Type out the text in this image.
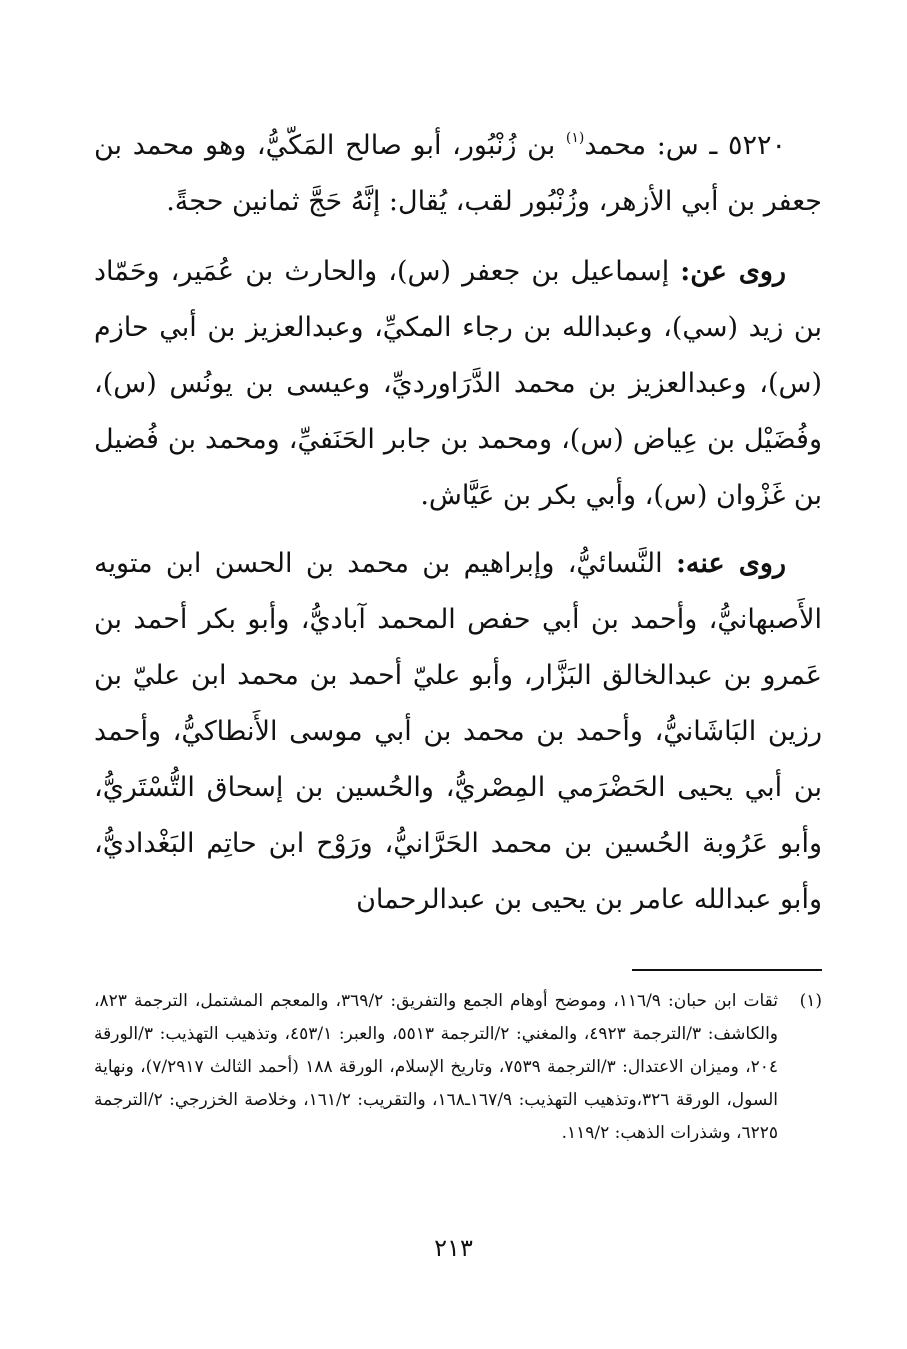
٥٢٢٠ ـ س: محمد$^{(١)}$ بن زُنْبُور، أبو صالح المَكّيُّ، وهو محمد بن جعفر بن أبي الأزهر، وزُنْبُور لقب، يُقال: إنَّهُ حَجَّ ثمانين حجةً.

روى عن: إسماعيل بن جعفر (س)، والحارث بن عُمَير، وحَمّاد بن زيد (سي)، وعبدالله بن رجاء المكيِّ، وعبدالعزيز بن أبي حازم (س)، وعبدالعزيز بن محمد الدَّرَاورديِّ، وعيسى بن يونُس (س)، وفُضَيْل بن عِياض (س)، ومحمد بن جابر الحَنَفيِّ، ومحمد بن فُضيل بن غَزْوان (س)، وأبي بكر بن عَيَّاش.

روى عنه: النَّسائيُّ، وإبراهيم بن محمد بن الحسن ابن متويه الأَصبهانيُّ، وأحمد بن أبي حفص المحمد آباديُّ، وأبو بكر أحمد بن عَمرو بن عبدالخالق البَزَّار، وأبو عليّ أحمد بن محمد ابن عليّ بن رزين البَاشَانيُّ، وأحمد بن محمد بن أبي موسى الأَنطاكيُّ، وأحمد بن أبي يحيى الحَضْرَمي المِصْريُّ، والحُسين بن إسحاق التُّسْتَريُّ، وأبو عَرُوبة الحُسين بن محمد الحَرَّانيُّ، ورَوْح ابن حاتِم البَغْداديُّ، وأبو عبدالله عامر بن يحيى بن عبدالرحمان

(١)
ثقات ابن حبان: ١١٦/٩، وموضح أوهام الجمع والتفريق: ٣٦٩/٢، والمعجم المشتمل، الترجمة ٨٢٣، والكاشف: ٣/الترجمة ٤٩٢٣، والمغني: ٢/الترجمة ٥٥١٣، والعبر: ٤٥٣/١، وتذهيب التهذيب: ٣/الورقة ٢٠٤، وميزان الاعتدال: ٣/الترجمة ٧٥٣٩، وتاريخ الإسلام، الورقة ١٨٨ (أحمد الثالث ٧/٢٩١٧)، ونهاية السول، الورقة ٣٢٦،وتذهيب التهذيب: ١٦٧/٩ـ١٦٨، والتقريب: ١٦١/٢، وخلاصة الخزرجي: ٢/الترجمة ٦٢٢٥، وشذرات الذهب: ١١٩/٢.
٢١٣
